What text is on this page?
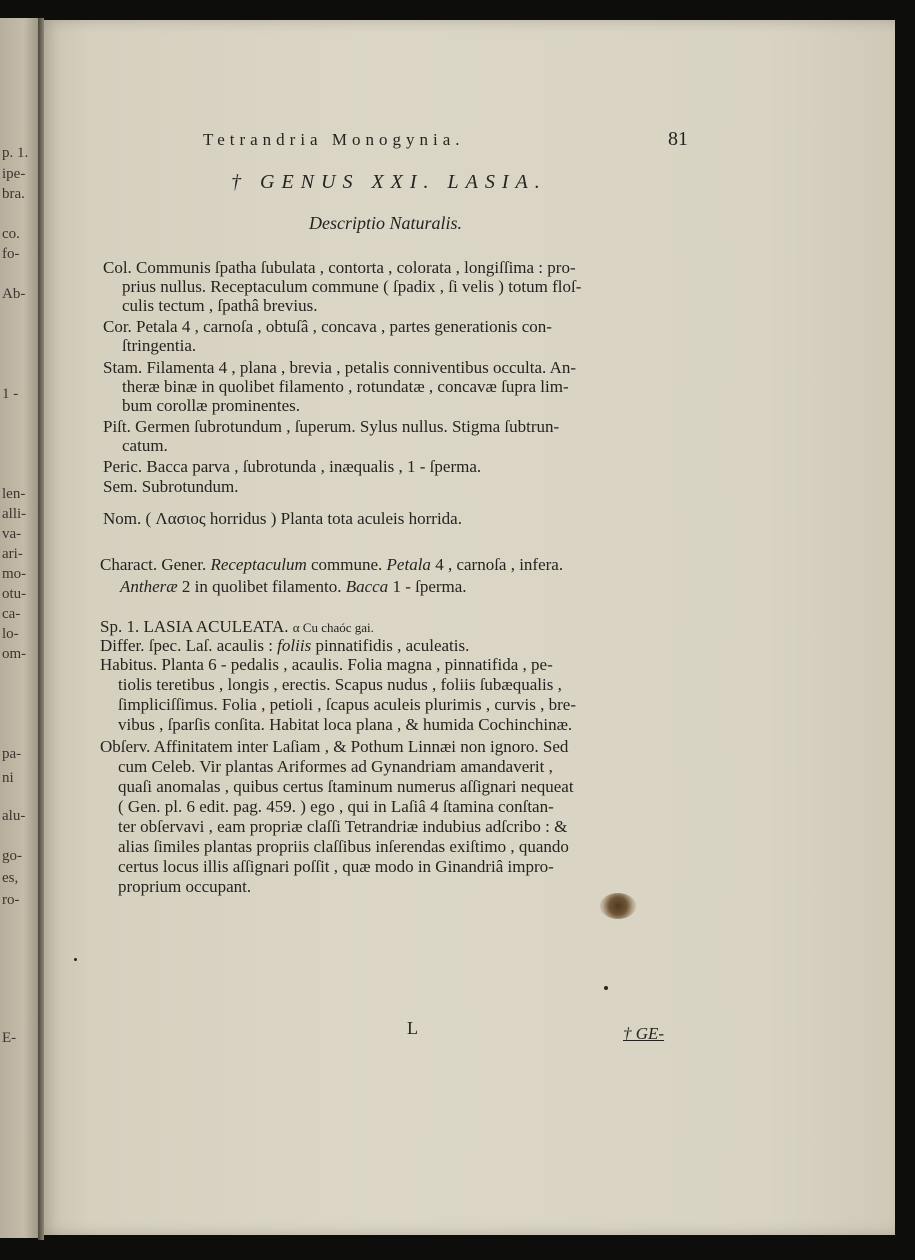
p. 1.
ipe-
bra.
co.
fo-
Ab-
1 -
len-
alli-
va-
ari-
mo-
otu-
ca-
lo-
om-
pa-
ni
alu-
go-
es,
ro-
E-
Tetrandria Monogynia.	81
† GENUS XXI. LASIA.
Descriptio Naturalis.
Col. Communis ſpatha ſubulata , contorta , colorata , longiſſima : pro-
prius nullus. Receptaculum commune ( ſpadix , ſi velis ) totum floſ-
culis tectum , ſpathâ brevius.
Cor. Petala 4 , carnoſa , obtuſâ , concava , partes generationis con-
ſtringentia.
Stam. Filamenta 4 , plana , brevia , petalis conniventibus occulta. An-
theræ binæ in quolibet filamento , rotundatæ , concavæ ſupra lim-
bum corollæ prominentes.
Piſt. Germen ſubrotundum , ſuperum. Sylus nullus. Stigma ſubtrun-
catum.
Peric. Bacca parva , ſubrotunda , inæqualis , 1 - ſperma.
Sem. Subrotundum.
Nom. ( Λασιος horridus ) Planta tota aculeis horrida.
Charact. Gener. Receptaculum commune. Petala 4 , carnoſa , infera.
Antheræ 2 in quolibet filamento. Bacca 1 - ſperma.
Sp. 1. LASIA ACULEATA. α Cu chaóc gai.
Differ. ſpec. Laſ. acaulis : foliis pinnatifidis , aculeatis.
Habitus. Planta 6 - pedalis , acaulis. Folia magna , pinnatifida , pe-
tiolis teretibus , longis , erectis. Scapus nudus , foliis ſubæqualis ,
ſimpliciſſimus. Folia , petioli , ſcapus aculeis plurimis , curvis , bre-
vibus , ſparſis conſita. Habitat loca plana , & humida Cochinchinæ.
Obſerv. Affinitatem inter Laſiam , & Pothum Linnæi non ignoro. Sed
cum Celeb. Vir plantas Ariformes ad Gynandriam amandaverit ,
quaſi anomalas , quibus certus ſtaminum numerus aſſignari nequeat
( Gen. pl. 6 edit. pag. 459. ) ego , qui in Laſiâ 4 ſtamina conſtan-
ter obſervavi , eam propriæ claſſi Tetrandriæ indubius adſcribo : &
alias ſimiles plantas propriis claſſibus inſerendas exiſtimo , quando
certus locus illis aſſignari poſſit , quæ modo in Ginandriâ impro-
proprium occupant.
L	† GE-
